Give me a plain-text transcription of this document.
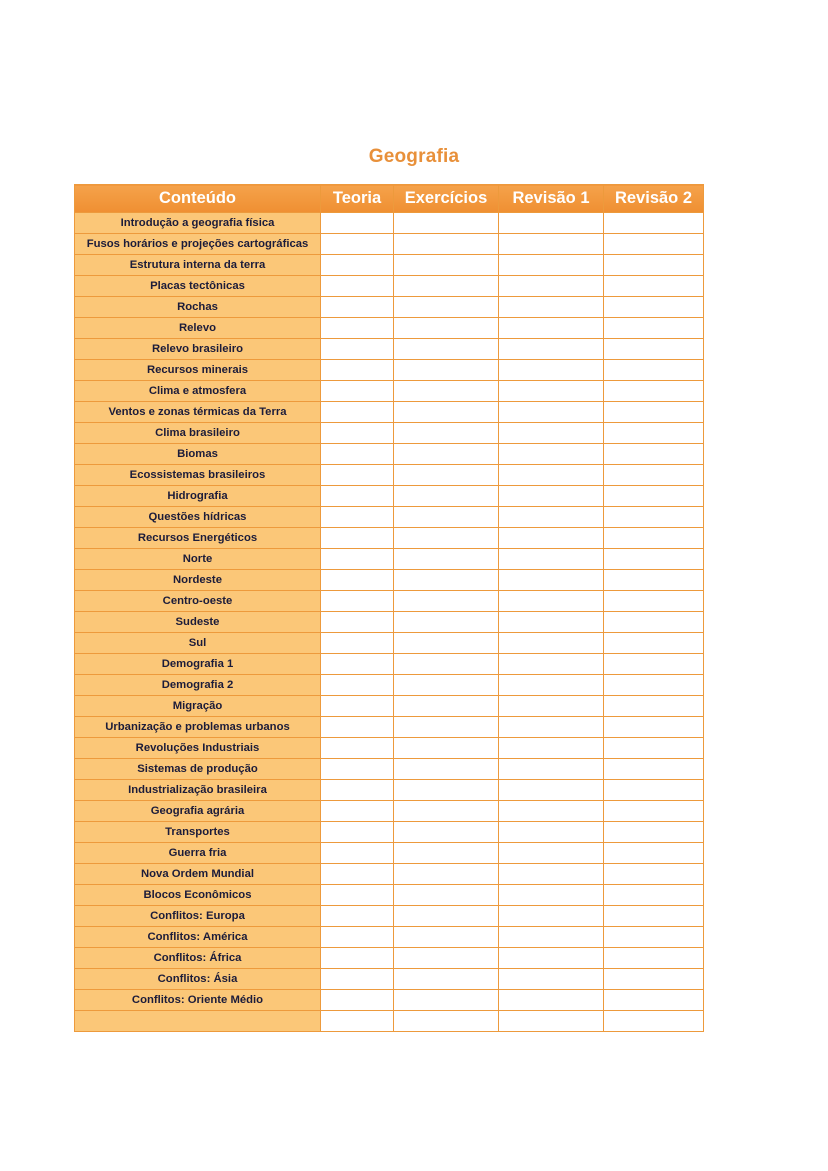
Geografia
Conteúdo	Teoria	Exercícios	Revisão 1	Revisão 2
Introdução a geografia física				
Fusos horários e projeções cartográficas				
Estrutura interna da terra				
Placas tectônicas				
Rochas				
Relevo				
Relevo brasileiro				
Recursos minerais				
Clima e atmosfera				
Ventos e zonas térmicas da Terra				
Clima brasileiro				
Biomas				
Ecossistemas brasileiros				
Hidrografia				
Questões hídricas				
Recursos Energéticos				
Norte				
Nordeste				
Centro-oeste				
Sudeste				
Sul				
Demografia 1				
Demografia 2				
Migração				
Urbanização e problemas urbanos				
Revoluções Industriais				
Sistemas de produção				
Industrialização brasileira				
Geografia agrária				
Transportes				
Guerra fria				
Nova Ordem Mundial				
Blocos Econômicos				
Conflitos: Europa				
Conflitos: América				
Conflitos: África				
Conflitos: Ásia				
Conflitos: Oriente Médio				
